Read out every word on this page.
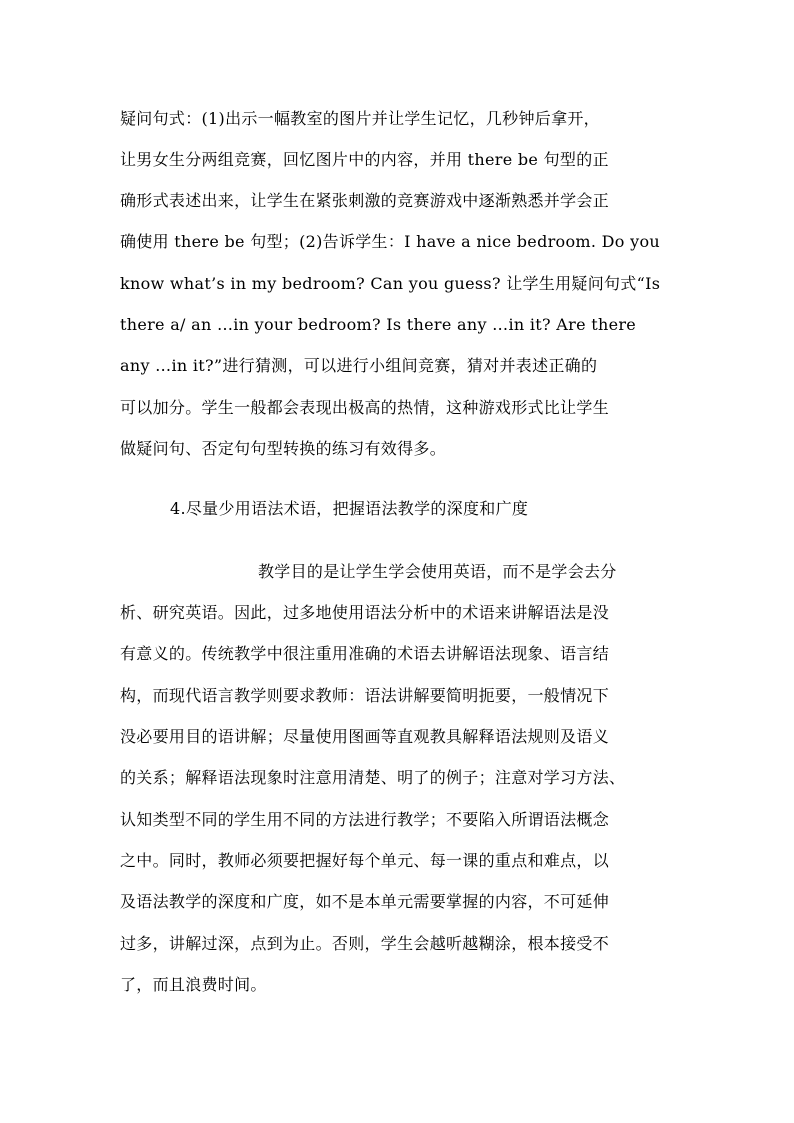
疑问句式：(1)出示一幅教室的图片并让学生记忆，几秒钟后拿开，
让男女生分两组竞赛，回忆图片中的内容，并用 there be 句型的正
确形式表述出来，让学生在紧张刺激的竞赛游戏中逐渐熟悉并学会正
确使用 there be 句型；(2)告诉学生：I have a nice bedroom. Do you
know what’s in my bedroom? Can you guess? 让学生用疑问句式“Is
there a/ an …in your bedroom? Is there any …in it? Are there
any …in it?”进行猜测，可以进行小组间竞赛，猜对并表述正确的
可以加分。学生一般都会表现出极高的热情，这种游戏形式比让学生
做疑问句、否定句句型转换的练习有效得多。
4.尽量少用语法术语，把握语法教学的深度和广度
教学目的是让学生学会使用英语，而不是学会去分
析、研究英语。因此，过多地使用语法分析中的术语来讲解语法是没
有意义的。传统教学中很注重用准确的术语去讲解语法现象、语言结
构，而现代语言教学则要求教师：语法讲解要简明扼要，一般情况下
没必要用目的语讲解；尽量使用图画等直观教具解释语法规则及语义
的关系；解释语法现象时注意用清楚、明了的例子；注意对学习方法、
认知类型不同的学生用不同的方法进行教学；不要陷入所谓语法概念
之中。同时，教师必须要把握好每个单元、每一课的重点和难点，以
及语法教学的深度和广度，如不是本单元需要掌握的内容，不可延伸
过多，讲解过深，点到为止。否则，学生会越听越糊涂，根本接受不
了，而且浪费时间。
